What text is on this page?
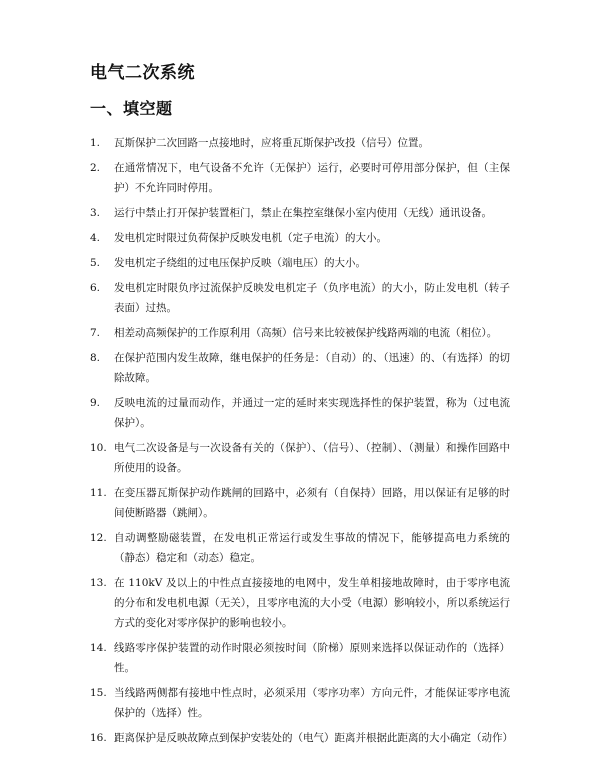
电气二次系统
一、填空题
1.	瓦斯保护二次回路一点接地时，应将重瓦斯保护改投（信号）位置。
2.	在通常情况下，电气设备不允许（无保护）运行，必要时可停用部分保护，但（主保护）不允许同时停用。
3.	运行中禁止打开保护装置柜门，禁止在集控室继保小室内使用（无线）通讯设备。
4.	发电机定时限过负荷保护反映发电机（定子电流）的大小。
5.	发电机定子绕组的过电压保护反映（端电压）的大小。
6.	发电机定时限负序过流保护反映发电机定子（负序电流）的大小，防止发电机（转子表面）过热。
7.	相差动高频保护的工作原利用（高频）信号来比较被保护线路两端的电流（相位）。
8.	在保护范围内发生故障，继电保护的任务是：（自动）的、（迅速）的、（有选择）的切除故障。
9.	反映电流的过量而动作，并通过一定的延时来实现选择性的保护装置，称为（过电流保护）。
10. 电气二次设备是与一次设备有关的（保护）、（信号）、（控制）、（测量）和操作回路中所使用的设备。
11. 在变压器瓦斯保护动作跳闸的回路中，必须有（自保持）回路，用以保证有足够的时间使断路器（跳闸）。
12. 自动调整励磁装置，在发电机正常运行或发生事故的情况下，能够提高电力系统的（静态）稳定和（动态）稳定。
13. 在 110kV 及以上的中性点直接接地的电网中，发生单相接地故障时，由于零序电流的分布和发电机电源（无关），且零序电流的大小受（电源）影响较小，所以系统运行方式的变化对零序保护的影响也较小。
14. 线路零序保护装置的动作时限必须按时间（阶梯）原则来选择以保证动作的（选择）性。
15. 当线路两侧都有接地中性点时，必须采用（零序功率）方向元件，才能保证零序电流保护的（选择）性。
16. 距离保护是反映故障点到保护安装处的（电气）距离并根据此距离的大小确定（动作）
